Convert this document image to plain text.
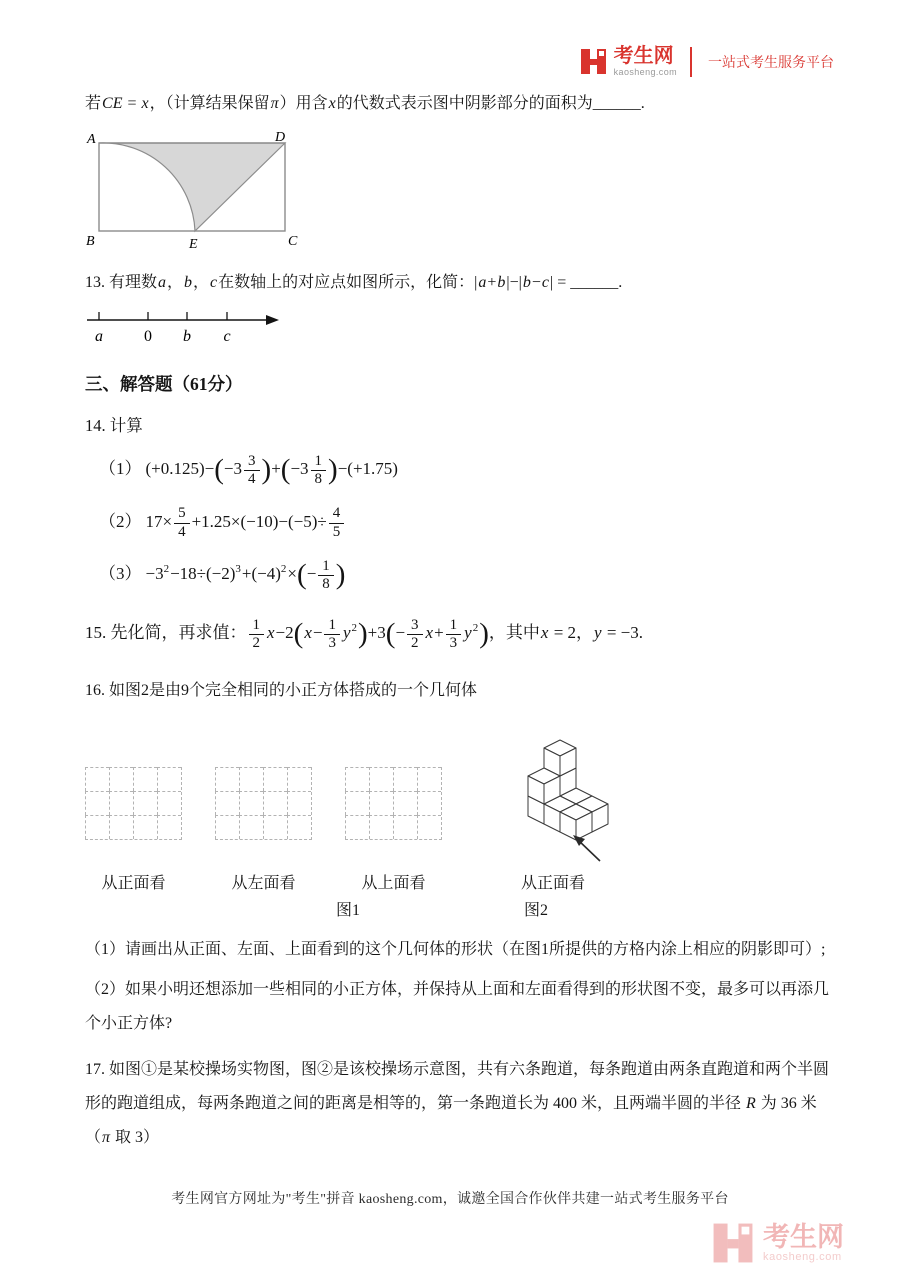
考生网
kaosheng.com
一站式考生服务平台

若CE = x，（计算结果保留π）用含x的代数式表示图中阴影部分的面积为______.

A	D
B	C
E

13. 有理数a，b，c在数轴上的对应点如图所示，化简：|a+b|−|b−c| = ______.

a	0 b c
三、解答题（61分）

14. 计算

（1） $(+0.125)-(-3 \frac{3}{4} )+(-3 \frac{1}{8} )-(+1.75)$
（2） $17\times \frac{5}{4} +1.25\times(-10)-(-5)\div \frac{4}{5}$
$(3) -3^2-18\div(-2)^3+(-4)^2\times(- \frac{1}{8}$ )

15. 先化简，再求值： $\frac{1}{2} x-2(x- \frac{1}{3} y^2)+3(- \frac{3}{2} x+ \frac{1}{3} y^2)$，其中x = 2，y = −3.

16. 如图2是由9个完全相同的小正方体搭成的一个几何体

从正面看	从左面看	从上面看	从正面看
图1	图2

（1）请画出从正面、左面、上面看到的这个几何体的形状（在图1所提供的方格内涂上相应的阴影即可）;

（2）如果小明还想添加一些相同的小正方体，并保持从上面和左面看得到的形状图不变，最多可以再添几个小正方体?

17. 如图①是某校操场实物图，图②是该校操场示意图，共有六条跑道，每条跑道由两条直跑道和两个半圆形的跑道组成，每两条跑道之间的距离是相等的，第一条跑道长为 400 米，且两端半圆的半径 R 为 36 米（π 取 3）

考生网官方网址为"考生"拼音 kaosheng.com，诚邀全国合作伙伴共建一站式考生服务平台
考生网
kaosheng.com
